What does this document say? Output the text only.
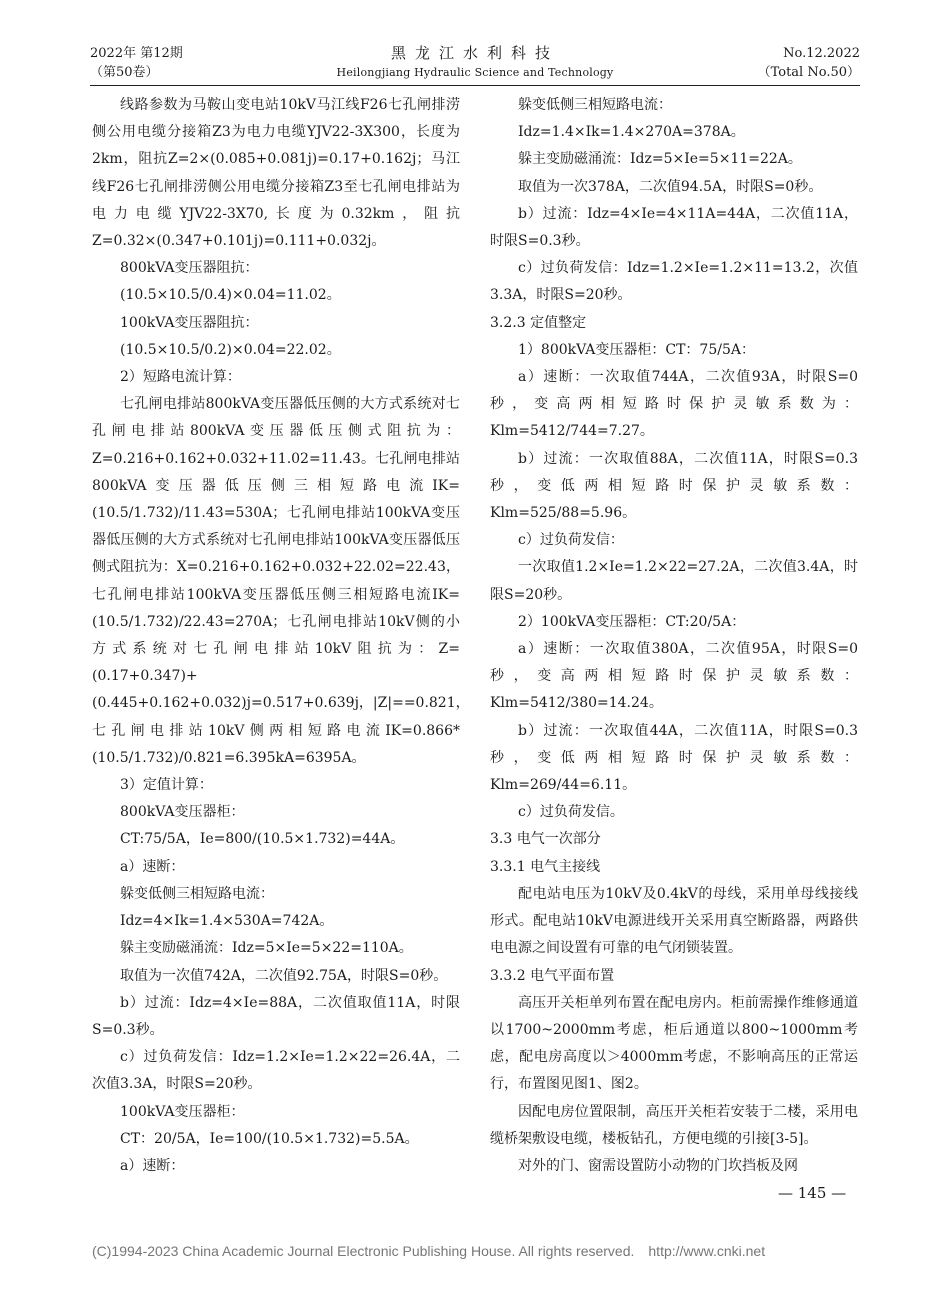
2022年 第12期
（第50卷）
黑龙江水利科技
Heilongjiang Hydraulic Science and Technology
No.12.2022
（Total No.50）

线路参数为马鞍山变电站10kV马江线F26七孔闸排涝侧公用电缆分接箱Z3为电力电缆YJV22-3X300，长度为2km，阻抗Z=2×(0.085+0.081j)=0.17+0.162j；马江线F26七孔闸排涝侧公用电缆分接箱Z3至七孔闸电排站为电力电缆YJV22-3X70,长度为0.32km，阻抗Z=0.32×(0.347+0.101j)=0.111+0.032j。

800kVA变压器阻抗：

(10.5×10.5/0.4)×0.04=11.02。

100kVA变压器阻抗：

(10.5×10.5/0.2)×0.04=22.02。

2）短路电流计算：

七孔闸电排站800kVA变压器低压侧的大方式系统对七孔闸电排站800kVA变压器低压侧式阻抗为：Z=0.216+0.162+0.032+11.02=11.43。七孔闸电排站800kVA变压器低压侧三相短路电流IK=(10.5/1.732)/11.43=530A；七孔闸电排站100kVA变压器低压侧的大方式系统对七孔闸电排站100kVA变压器低压侧式阻抗为：X=0.216+0.162+0.032+22.02=22.43，七孔闸电排站100kVA变压器低压侧三相短路电流IK=(10.5/1.732)/22.43=270A；七孔闸电排站10kV侧的小方式系统对七孔闸电排站10kV阻抗为：Z=(0.17+0.347)+(0.445+0.162+0.032)j=0.517+0.639j，|Z|==0.821，七孔闸电排站10kV侧两相短路电流IK=0.866*(10.5/1.732)/0.821=6.395kA=6395A。

3）定值计算：

800kVA变压器柜：

CT:75/5A，Ie=800/(10.5×1.732)=44A。

a）速断：

躲变低侧三相短路电流：

Idz=4×Ik=1.4×530A=742A。

躲主变励磁涌流：Idz=5×Ie=5×22=110A。

取值为一次值742A，二次值92.75A，时限S=0秒。

b）过流：Idz=4×Ie=88A，二次值取值11A，时限S=0.3秒。

c）过负荷发信：Idz=1.2×Ie=1.2×22=26.4A，二次值3.3A，时限S=20秒。

100kVA变压器柜：

CT：20/5A，Ie=100/(10.5×1.732)=5.5A。

a）速断：

躲变低侧三相短路电流：

Idz=1.4×Ik=1.4×270A=378A。

躲主变励磁涌流：Idz=5×Ie=5×11=22A。

取值为一次378A，二次值94.5A，时限S=0秒。

b）过流：Idz=4×Ie=4×11A=44A，二次值11A，时限S=0.3秒。

c）过负荷发信：Idz=1.2×Ie=1.2×11=13.2，次值3.3A，时限S=20秒。

3.2.3 定值整定

1）800kVA变压器柜：CT：75/5A：

a）速断：一次取值744A，二次值93A，时限S=0秒，变高两相短路时保护灵敏系数为：Klm=5412/744=7.27。

b）过流：一次取值88A，二次值11A，时限S=0.3秒，变低两相短路时保护灵敏系数：Klm=525/88=5.96。

c）过负荷发信：

一次取值1.2×Ie=1.2×22=27.2A，二次值3.4A，时限S=20秒。

2）100kVA变压器柜：CT:20/5A：

a）速断：一次取值380A，二次值95A，时限S=0秒，变高两相短路时保护灵敏系数：Klm=5412/380=14.24。

b）过流：一次取值44A，二次值11A，时限S=0.3秒，变低两相短路时保护灵敏系数：Klm=269/44=6.11。

c）过负荷发信。

3.3 电气一次部分

3.3.1 电气主接线

配电站电压为10kV及0.4kV的母线，采用单母线接线形式。配电站10kV电源进线开关采用真空断路器，两路供电电源之间设置有可靠的电气闭锁装置。

3.3.2 电气平面布置

高压开关柜单列布置在配电房内。柜前需操作维修通道以1700~2000mm考虑，柜后通道以800~1000mm考虑，配电房高度以＞4000mm考虑，不影响高压的正常运行，布置图见图1、图2。

因配电房位置限制，高压开关柜若安装于二楼，采用电缆桥架敷设电缆，楼板钻孔，方便电缆的引接[3-5]。

对外的门、窗需设置防小动物的门坎挡板及网

— 145 —
(C)1994-2023 China Academic Journal Electronic Publishing House. All rights reserved.　http://www.cnki.net
